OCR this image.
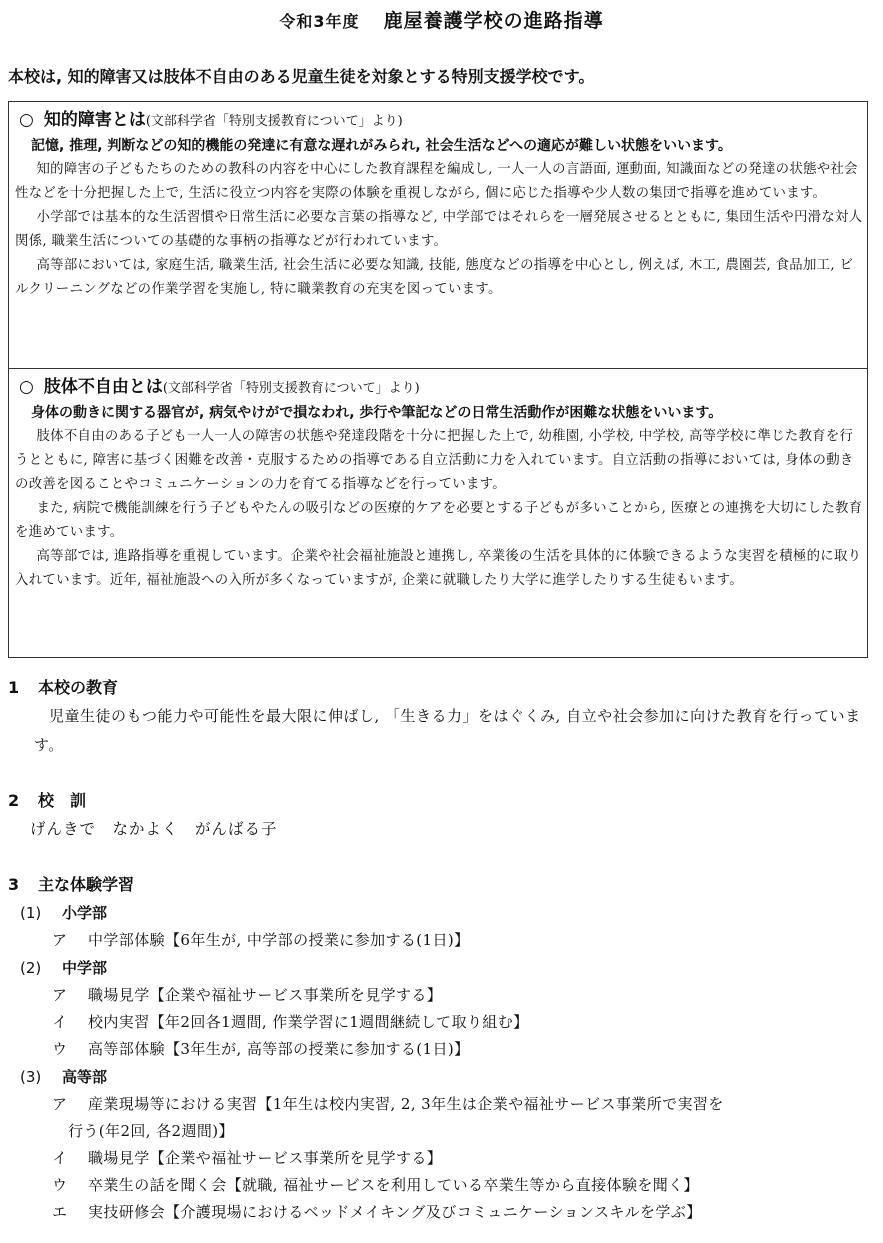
令和3年度 鹿屋養護学校の進路指導
本校は, 知的障害又は肢体不自由のある児童生徒を対象とする特別支援学校です。
○ 知的障害とは(文部科学省「特別支援教育について」より)
記憶, 推理, 判断などの知的機能の発達に有意な遅れがみられ, 社会生活などへの適応が難しい状態をいいます。

知的障害の子どもたちのための教科の内容を中心にした教育課程を編成し, 一人一人の言語面, 運動面, 知識面などの発達の状態や社会性などを十分把握した上で, 生活に役立つ内容を実際の体験を重視しながら, 個に応じた指導や少人数の集団で指導を進めています。

小学部では基本的な生活習慣や日常生活に必要な言葉の指導など, 中学部ではそれらを一層発展させるとともに, 集団生活や円滑な対人関係, 職業生活についての基礎的な事柄の指導などが行われています。

高等部においては, 家庭生活, 職業生活, 社会生活に必要な知識, 技能, 態度などの指導を中心とし, 例えば, 木工, 農園芸, 食品加工, ビルクリーニングなどの作業学習を実施し, 特に職業教育の充実を図っています。

○ 肢体不自由とは(文部科学省「特別支援教育について」より)
身体の動きに関する器官が, 病気やけがで損なわれ, 歩行や筆記などの日常生活動作が困難な状態をいいます。

肢体不自由のある子ども一人一人の障害の状態や発達段階を十分に把握した上で, 幼稚園, 小学校, 中学校, 高等学校に準じた教育を行うとともに, 障害に基づく困難を改善・克服するための指導である自立活動に力を入れています。自立活動の指導においては, 身体の動きの改善を図ることやコミュニケーションの力を育てる指導などを行っています。

また, 病院で機能訓練を行う子どもやたんの吸引などの医療的ケアを必要とする子どもが多いことから, 医療との連携を大切にした教育を進めています。

高等部では, 進路指導を重視しています。企業や社会福祉施設と連携し, 卒業後の生活を具体的に体験できるような実習を積極的に取り入れています。近年, 福祉施設への入所が多くなっていますが, 企業に就職したり大学に進学したりする生徒もいます。

1 本校の教育
児童生徒のもつ能力や可能性を最大限に伸ばし, 「生きる力」をはぐくみ, 自立や社会参加に向けた教育を行っています。
2 校　訓
げんきで　なかよく　がんばる子
3 主な体験学習
(1) 小学部
ア 中学部体験【6年生が, 中学部の授業に参加する(1日)】
(2) 中学部
ア 職場見学【企業や福祉サービス事業所を見学する】
イ 校内実習【年2回各1週間, 作業学習に1週間継続して取り組む】
ウ 高等部体験【3年生が, 高等部の授業に参加する(1日)】
(3) 高等部
ア 産業現場等における実習【1年生は校内実習, 2, 3年生は企業や福祉サービス事業所で実習を
行う(年2回, 各2週間)】
イ 職場見学【企業や福祉サービス事業所を見学する】
ウ 卒業生の話を聞く会【就職, 福祉サービスを利用している卒業生等から直接体験を聞く】
エ 実技研修会【介護現場におけるベッドメイキング及びコミュニケーションスキルを学ぶ】
